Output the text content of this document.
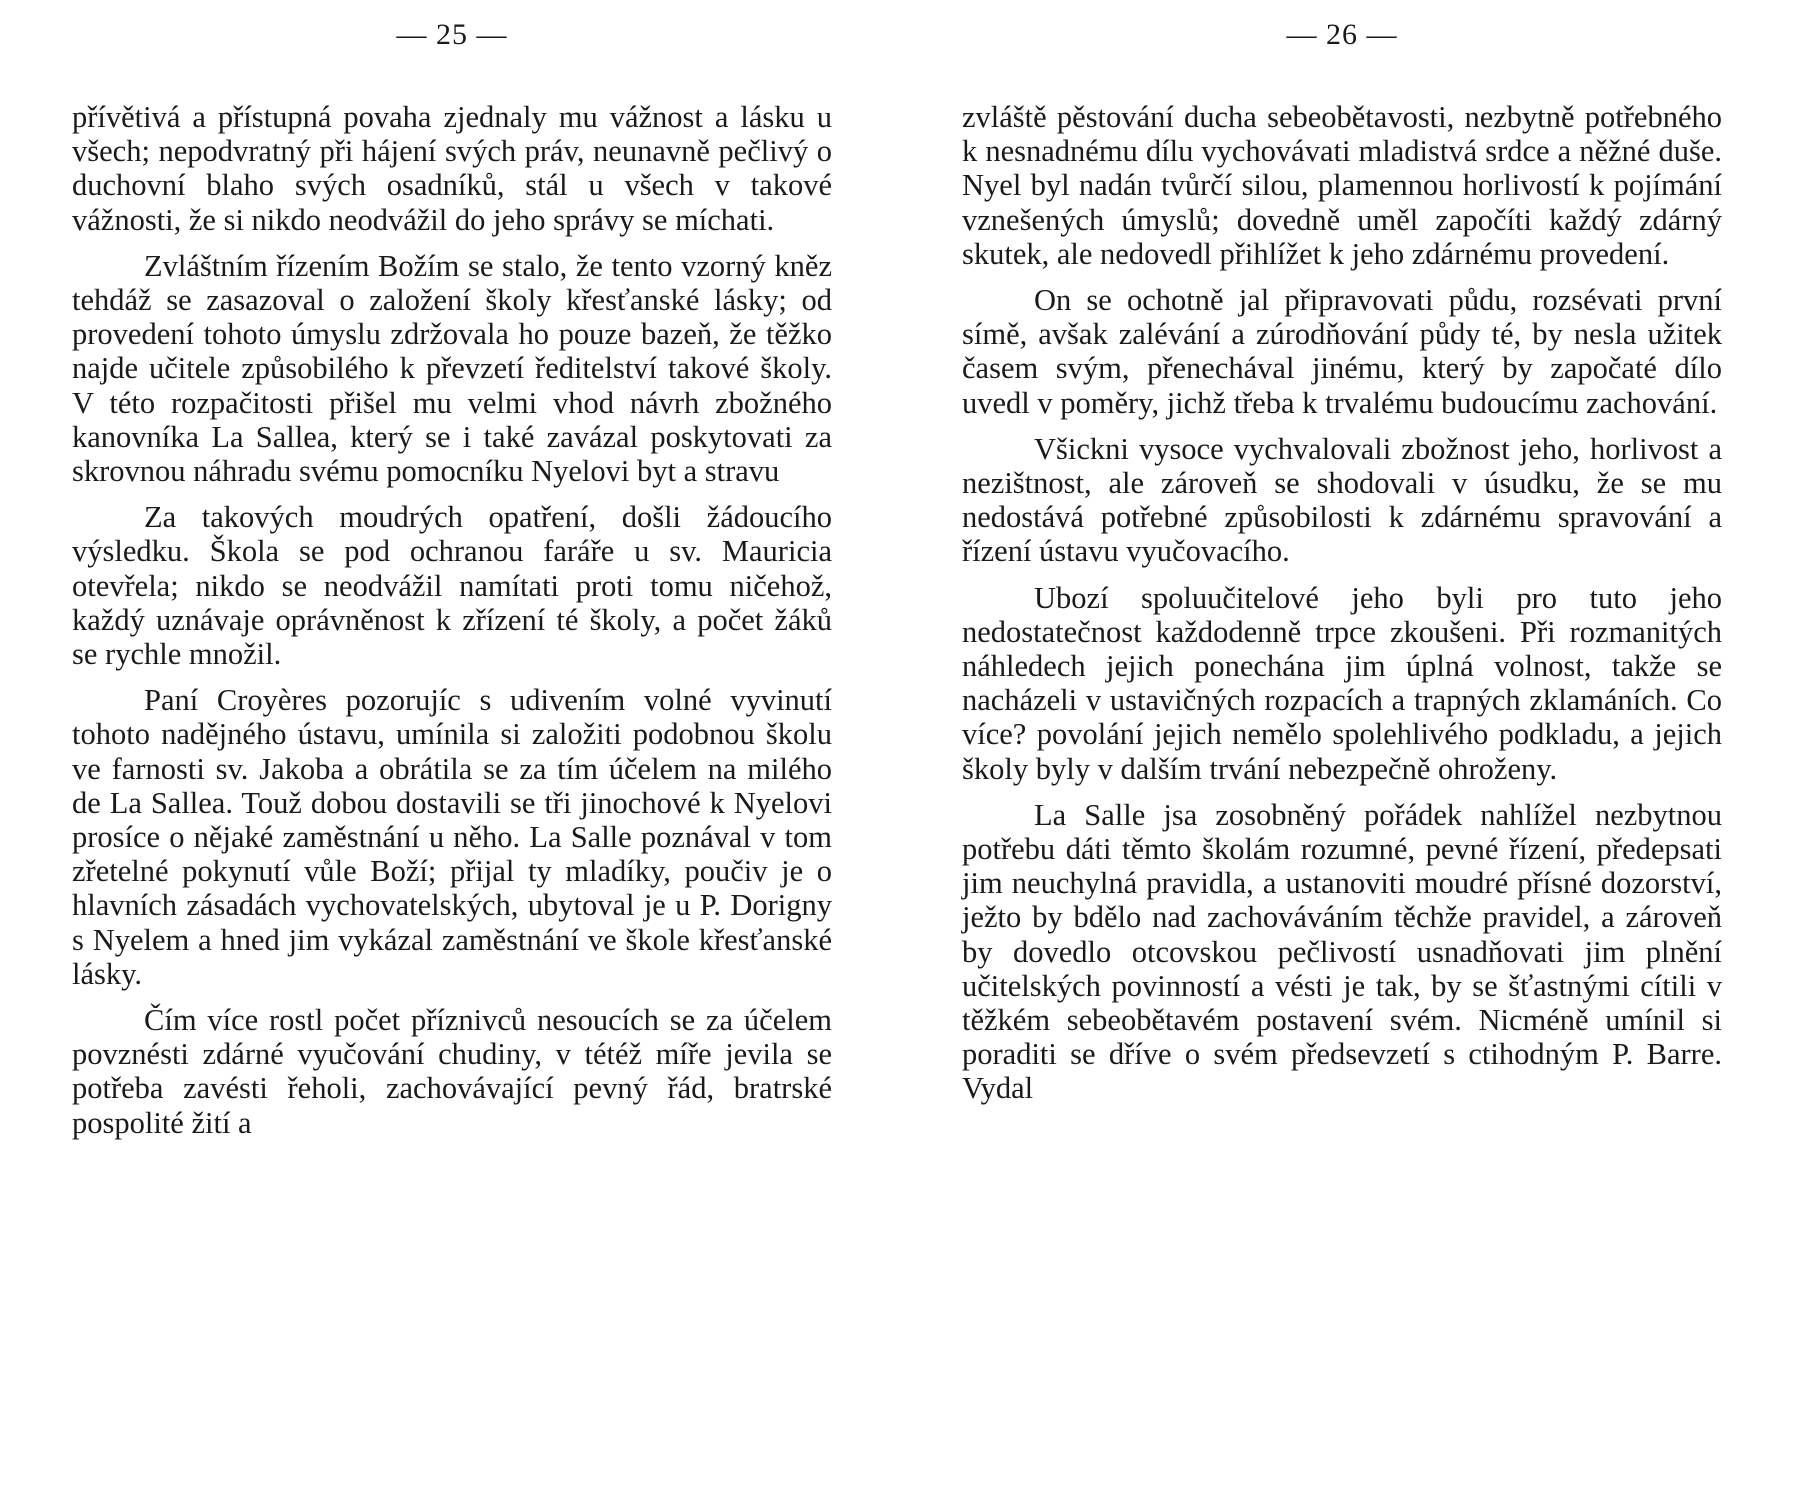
— 25 —

přívětivá a přístupná povaha zjednaly mu vážnost a lásku u všech; nepodvratný při hájení svých práv, neunavně pečlivý o duchovní blaho svých osadníků, stál u všech v takové vážnosti, že si nikdo neodvážil do jeho správy se míchati.

Zvláštním řízením Božím se stalo, že tento vzorný kněz tehdáž se zasazoval o založení školy křesťanské lásky; od provedení tohoto úmyslu zdržovala ho pouze bazeň, že těžko najde učitele způsobilého k převzetí ředitelství takové školy. V této rozpačitosti přišel mu velmi vhod návrh zbožného kanovníka La Sallea, který se i také zavázal poskytovati za skrovnou náhradu svému pomocníku Nyelovi byt a stravu

Za takových moudrých opatření, došli žádoucího výsledku. Škola se pod ochranou faráře u sv. Mauricia otevřela; nikdo se neodvážil namítati proti tomu ničehož, každý uznávaje oprávněnost k zřízení té školy, a počet žáků se rychle množil.

Paní Croyères pozorujíc s udivením volné vyvinutí tohoto nadějného ústavu, umínila si založiti podobnou školu ve farnosti sv. Jakoba a obrátila se za tím účelem na milého de La Sallea. Touž dobou dostavili se tři jinochové k Nyelovi prosíce o nějaké zaměstnání u něho. La Salle poznával v tom zřetelné pokynutí vůle Boží; přijal ty mladíky, poučiv je o hlavních zásadách vychovatelských, ubytoval je u P. Dorigny s Nyelem a hned jim vykázal zaměstnání ve škole křesťanské lásky.

Čím více rostl počet příznivců nesoucích se za účelem povznésti zdárné vyučování chudiny, v tétéž míře jevila se potřeba zavésti řeholi, zachovávající pevný řád, bratrské pospolité žití a

— 26 —

zvláště pěstování ducha sebeobětavosti, nezbytně potřebného k nesnadnému dílu vychovávati mladistvá srdce a něžné duše. Nyel byl nadán tvůrčí silou, plamennou horlivostí k pojímání vznešených úmyslů; dovedně uměl započíti každý zdárný skutek, ale nedovedl přihlížet k jeho zdárnému provedení.

On se ochotně jal připravovati půdu, rozsévati první símě, avšak zalévání a zúrodňování půdy té, by nesla užitek časem svým, přenechával jinému, který by započaté dílo uvedl v poměry, jichž třeba k trvalému budoucímu zachování.

Všickni vysoce vychvalovali zbožnost jeho, horlivost a nezištnost, ale zároveň se shodovali v úsudku, že se mu nedostává potřebné způsobilosti k zdárnému spravování a řízení ústavu vyučovacího.

Ubozí spoluučitelové jeho byli pro tuto jeho nedostatečnost každodenně trpce zkoušeni. Při rozmanitých náhledech jejich ponechána jim úplná volnost, takže se nacházeli v ustavičných rozpacích a trapných zklamáních. Co více? povolání jejich nemělo spolehlivého podkladu, a jejich školy byly v dalším trvání nebezpečně ohroženy.

La Salle jsa zosobněný pořádek nahlížel nezbytnou potřebu dáti těmto školám rozumné, pevné řízení, předepsati jim neuchylná pravidla, a ustanoviti moudré přísné dozorství, ježto by bdělo nad zachováváním těchže pravidel, a zároveň by dovedlo otcovskou pečlivostí usnadňovati jim plnění učitelských povinností a vésti je tak, by se šťastnými cítili v těžkém sebeobětavém postavení svém. Nicméně umínil si poraditi se dříve o svém předsevzetí s ctihodným P. Barre. Vydal
